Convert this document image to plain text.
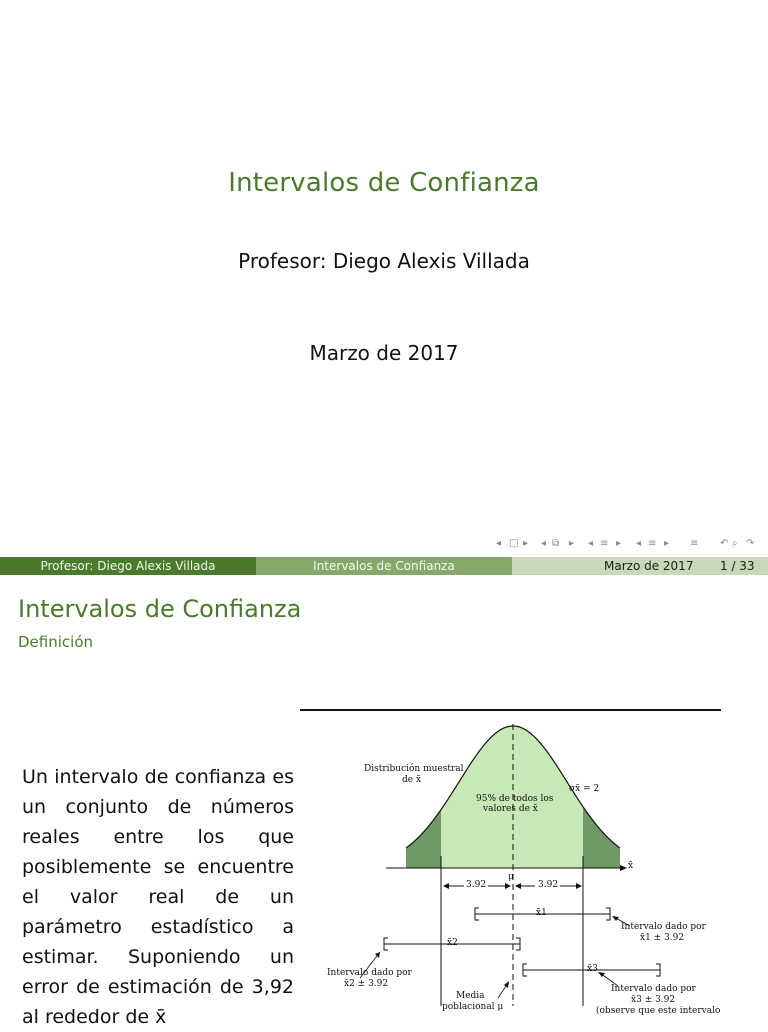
Intervalos de Confianza
Profesor: Diego Alexis Villada
Marzo de 2017
◂ □ ▸ ◂ ⧉ ▸ ◂ ≡ ▸ ◂ ≡ ▸ ≡ ↶ ⌕ ↷
Profesor: Diego Alexis Villada	Intervalos de Confianza	Marzo de 2017 1 / 33
Intervalos de Confianza
Definición

Un intervalo de confianza es un conjunto de números reales entre los que posiblemente se encuentre el valor real de un parámetro estadístico a estimar. Suponiendo un error de estimación de 3,92 al rededor de x̄

Distribución muestral
de x̄
σx̄ = 2
95% de todos los
valores de x̄
x̄
μ
3.92	3.92
x̄1
x̄2
x̄3
Intervalo dado por
x̄1 ± 3.92
Intervalo dado por
x̄2 ± 3.92	Intervalo dado por
x̄3 ± 3.92
(observe que este intervalo
Media
poblacional μ
